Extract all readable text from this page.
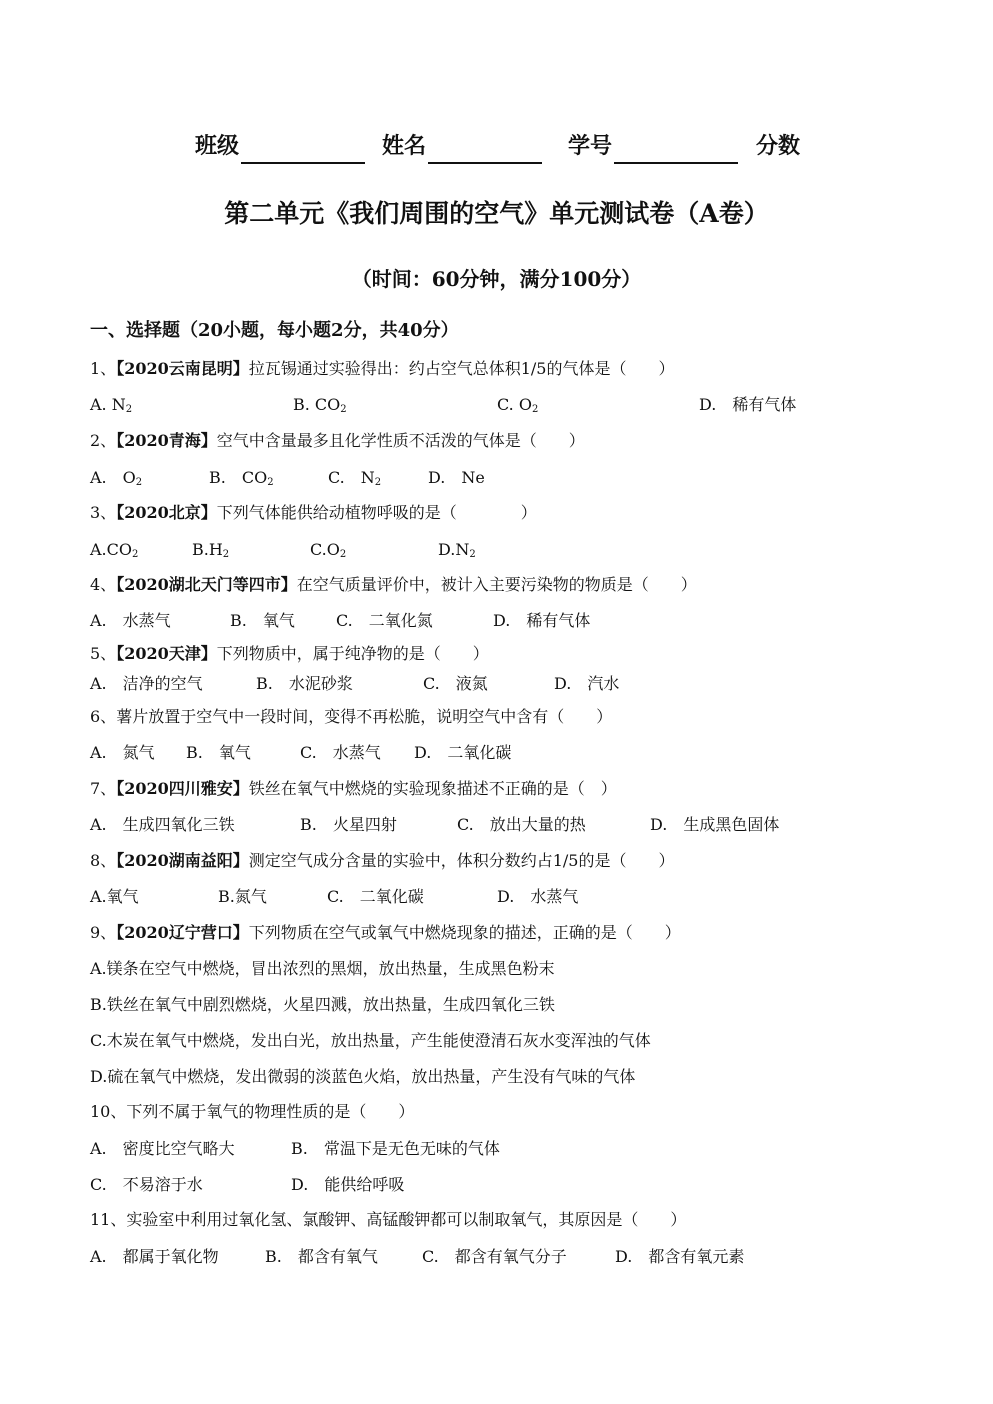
班级	姓名	学号	分数
第二单元《我们周围的空气》单元测试卷（A卷）
（时间：60分钟，满分100分）
一、选择题（20小题，每小题2分，共40分）
1、【2020云南昆明】拉瓦锡通过实验得出：约占空气总体积1/5的气体是（　　）
A. $N_2$	B. $CO_2$	C. $O_2$	D.　稀有气体
2、【2020青海】空气中含量最多且化学性质不活泼的气体是（　　）
A.　$O_2$	B.　$CO_2$	C.　$N_2$	D.　Ne
3、【2020北京】下列气体能供给动植物呼吸的是（　　　　）
$A.CO_2$	$B.H_2$	$C.O_2$	$D.N_2$
4、【2020湖北天门等四市】在空气质量评价中，被计入主要污染物的物质是（　　）
A.　水蒸气	B.　氧气	C.　二氧化氮	D.　稀有气体
5、【2020天津】下列物质中，属于纯净物的是（　　）
A.　洁净的空气	B.　水泥砂浆	C.　液氮	D.　汽水
6、薯片放置于空气中一段时间，变得不再松脆，说明空气中含有（　　）
A.　氮气 B.　氧气	C.　水蒸气 D.　二氧化碳
7、【2020四川雅安】铁丝在氧气中燃烧的实验现象描述不正确的是（　）
A.　生成四氧化三铁	B.　火星四射	C.　放出大量的热	D.　生成黑色固体
8、【2020湖南益阳】测定空气成分含量的实验中，体积分数约占1/5的是（　　）
A.氧气	B.氮气	C.　二氧化碳	D.　水蒸气
9、【2020辽宁营口】下列物质在空气或氧气中燃烧现象的描述，正确的是（　　）
A.镁条在空气中燃烧，冒出浓烈的黑烟，放出热量，生成黑色粉末
B.铁丝在氧气中剧烈燃烧，火星四溅，放出热量，生成四氧化三铁
C.木炭在氧气中燃烧，发出白光，放出热量，产生能使澄清石灰水变浑浊的气体
D.硫在氧气中燃烧，发出微弱的淡蓝色火焰，放出热量，产生没有气味的气体
10、下列不属于氧气的物理性质的是（　　）
A.　密度比空气略大	B.　常温下是无色无味的气体
C.　不易溶于水	D.　能供给呼吸
11、实验室中利用过氧化氢、氯酸钾、高锰酸钾都可以制取氧气，其原因是（　　）
A.　都属于氧化物	B.　都含有氧气	C.　都含有氧气分子	D.　都含有氧元素
